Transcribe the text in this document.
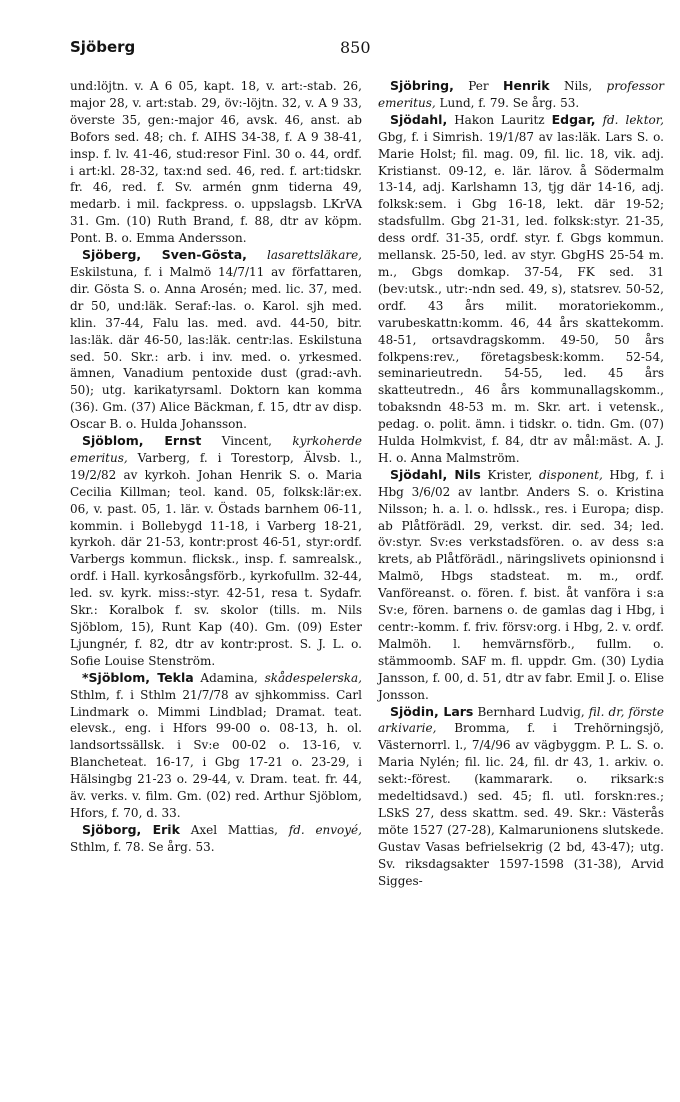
Sjöberg	850

und:löjtn. v. A 6 05, kapt. 18, v. art:-stab. 26, major 28, v. art:stab. 29, öv:-löjtn. 32, v. A 9 33, överste 35, gen:-major 46, avsk. 46, anst. ab Bofors sed. 48; ch. f. AIHS 34-38, f. A 9 38-41, insp. f. lv. 41-46, stud:resor Finl. 30 o. 44, ordf. i art:kl. 28-32, tax:nd sed. 46, red. f. art:tidskr. fr. 46, red. f. Sv. armén gnm tiderna 49, medarb. i mil. fackpress. o. uppslagsb. LKrVA 31. Gm. (10) Ruth Brand, f. 88, dtr av köpm. Pont. B. o. Emma Andersson.

Sjöberg, Sven-Gösta, lasarettsläkare, Eskilstuna, f. i Malmö 14/7/11 av författaren, dir. Gösta S. o. Anna Arosén; med. lic. 37, med. dr 50, und:läk. Seraf:-las. o. Karol. sjh med. klin. 37-44, Falu las. med. avd. 44-50, bitr. las:läk. där 46-50, las:läk. centr:las. Eskilstuna sed. 50. Skr.: arb. i inv. med. o. yrkesmed. ämnen, Vanadium pentoxide dust (grad:-avh. 50); utg. karikatyrsaml. Doktorn kan komma (36). Gm. (37) Alice Bäckman, f. 15, dtr av disp. Oscar B. o. Hulda Johansson.

Sjöblom, Ernst Vincent, kyrkoherde emeritus, Varberg, f. i Torestorp, Älvsb. l., 19/2/82 av kyrkoh. Johan Henrik S. o. Maria Cecilia Killman; teol. kand. 05, folksk:lär:ex. 06, v. past. 05, 1. lär. v. Östads barnhem 06-11, kommin. i Bollebygd 11-18, i Varberg 18-21, kyrkoh. där 21-53, kontr:prost 46-51, styr:ordf. Varbergs kommun. flicksk., insp. f. samrealsk., ordf. i Hall. kyrkosångsförb., kyrkofullm. 32-44, led. sv. kyrk. miss:-styr. 42-51, resa t. Sydafr. Skr.: Koralbok f. sv. skolor (tills. m. Nils Sjöblom, 15), Runt Kap (40). Gm. (09) Ester Ljungnér, f. 82, dtr av kontr:prost. S. J. L. o. Sofie Louise Stenström.

*Sjöblom, Tekla Adamina, skådespelerska, Sthlm, f. i Sthlm 21/7/78 av sjhkommiss. Carl Lindmark o. Mimmi Lindblad; Dramat. teat. elevsk., eng. i Hfors 99-00 o. 08-13, h. ol. landsortssällsk. i Sv:e 00-02 o. 13-16, v. Blancheteat. 16-17, i Gbg 17-21 o. 23-29, i Hälsingbg 21-23 o. 29-44, v. Dram. teat. fr. 44, äv. verks. v. film. Gm. (02) red. Arthur Sjöblom, Hfors, f. 70, d. 33.

Sjöborg, Erik Axel Mattias, fd. envoyé, Sthlm, f. 78. Se årg. 53.

Sjöbring, Per Henrik Nils, professor emeritus, Lund, f. 79. Se årg. 53.

Sjödahl, Hakon Lauritz Edgar, fd. lektor, Gbg, f. i Simrish. 19/1/87 av las:läk. Lars S. o. Marie Holst; fil. mag. 09, fil. lic. 18, vik. adj. Kristianst. 09-12, e. lär. lärov. å Södermalm 13-14, adj. Karlshamn 13, tjg där 14-16, adj. folksk:sem. i Gbg 16-18, lekt. där 19-52; stadsfullm. Gbg 21-31, led. folksk:styr. 21-35, dess ordf. 31-35, ordf. styr. f. Gbgs kommun. mellansk. 25-50, led. av styr. GbgHS 25-54 m. m., Gbgs domkap. 37-54, FK sed. 31 (bev:utsk., utr:-ndn sed. 49, s), statsrev. 50-52, ordf. 43 års milit. moratoriekomm., varubeskattn:komm. 46, 44 års skattekomm. 48-51, ortsavdragskomm. 49-50, 50 års folkpens:rev., företagsbesk:komm. 52-54, seminarieutredn. 54-55, led. 45 års skatteutredn., 46 års kommunallagskomm., tobaksndn 48-53 m. m. Skr. art. i vetensk., pedag. o. polit. ämn. i tidskr. o. tidn. Gm. (07) Hulda Holmkvist, f. 84, dtr av mål:mäst. A. J. H. o. Anna Malmström.

Sjödahl, Nils Krister, disponent, Hbg, f. i Hbg 3/6/02 av lantbr. Anders S. o. Kristina Nilsson; h. a. l. o. hdlssk., res. i Europa; disp. ab Plåtförädl. 29, verkst. dir. sed. 34; led. öv:styr. Sv:es verkstadsfören. o. av dess s:a krets, ab Plåtförädl., näringslivets opinionsnd i Malmö, Hbgs stadsteat. m. m., ordf. Vanföreanst. o. fören. f. bist. åt vanföra i s:a Sv:e, fören. barnens o. de gamlas dag i Hbg, i centr:-komm. f. friv. försv:org. i Hbg, 2. v. ordf. Malmöh. l. hemvärnsförb., fullm. o. stämmoomb. SAF m. fl. uppdr. Gm. (30) Lydia Jansson, f. 00, d. 51, dtr av fabr. Emil J. o. Elise Jonsson.

Sjödin, Lars Bernhard Ludvig, fil. dr, förste arkivarie, Bromma, f. i Trehörningsjö, Västernorrl. l., 7/4/96 av vägbyggm. P. L. S. o. Maria Nylén; fil. lic. 24, fil. dr 43, 1. arkiv. o. sekt:-förest. (kammarark. o. riksark:s medeltidsavd.) sed. 45; fl. utl. forskn:res.; LSkS 27, dess skattm. sed. 49. Skr.: Västerås möte 1527 (27-28), Kalmarunionens slutskede. Gustav Vasas befrielsekrig (2 bd, 43-47); utg. Sv. riksdagsakter 1597-1598 (31-38), Arvid Sigges-
